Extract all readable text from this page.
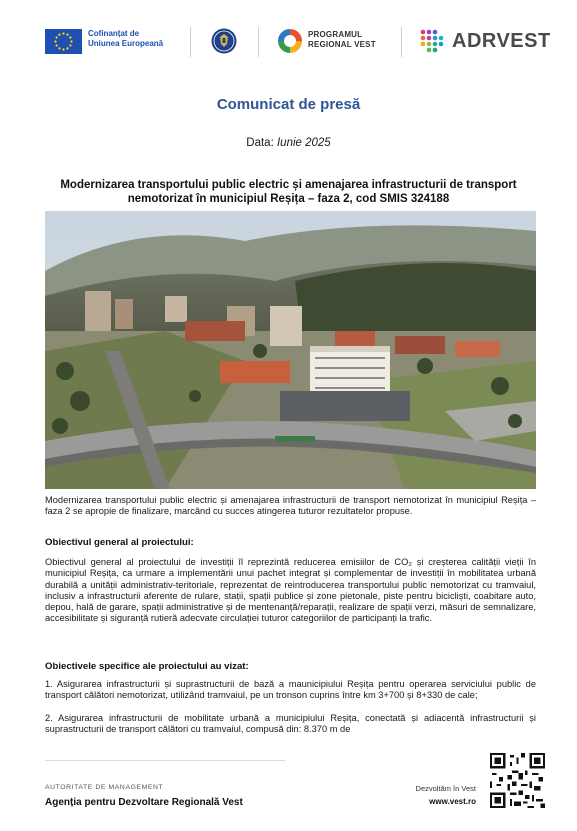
Cofinanțat de
Uniunea Europeană
PROGRAMUL
REGIONAL VEST	ADRVEST
Comunicat de presă
Data: Iunie 2025
Modernizarea transportului public electric și amenajarea infrastructurii de transport nemotorizat în municipiul Reșița – faza 2, cod SMIS 324188

Modernizarea transportului public electric și amenajarea infrastructurii de transport nemotorizat în municipiul Reșița – faza 2 se apropie de finalizare, marcând cu succes atingerea tuturor rezultatelor propuse.

Obiectivul general al proiectului:

Obiectivul general al proiectului de investiții îl reprezintă reducerea emisiilor de CO₂ și creșterea calității vieții în municipiul Reșița, ca urmare a implementării unui pachet integrat și complementar de investiții în mobilitatea urbană durabilă a unității administrativ-teritoriale, reprezentat de reintroducerea transportului public nemotorizat cu tramvaiul, inclusiv a infrastructurii aferente de rulare, stații, spații publice și zone pietonale, piste pentru bicicliști, coabitare auto, depou, hală de garare, spații administrative și de mentenanță/reparații, realizare de spații verzi, măsuri de semnalizare, accesibilitate și siguranță rutieră adecvate circulației tuturor categoriilor de participanți la trafic.

Obiectivele specifice ale proiectului au vizat:

1. Asigurarea infrastructurii și suprastructurii de bază a maunicipiului Reșița pentru operarea serviciului public de transport călători nemotorizat, utilizând tramvaiul, pe un tronson cuprins între km 3+700 și 8+330 de cale;

2. Asigurarea infrastructurii de mobilitate urbană a municipiului Reșița, conectată și adiacentă infrastructurii și suprastructurii de transport călători cu tramvaiul, compusă din: 8.370 m de

AUTORITATE DE MANAGEMENT
Agenția pentru Dezvoltare Regională Vest
Dezvoltăm în Vest
www.vest.ro
